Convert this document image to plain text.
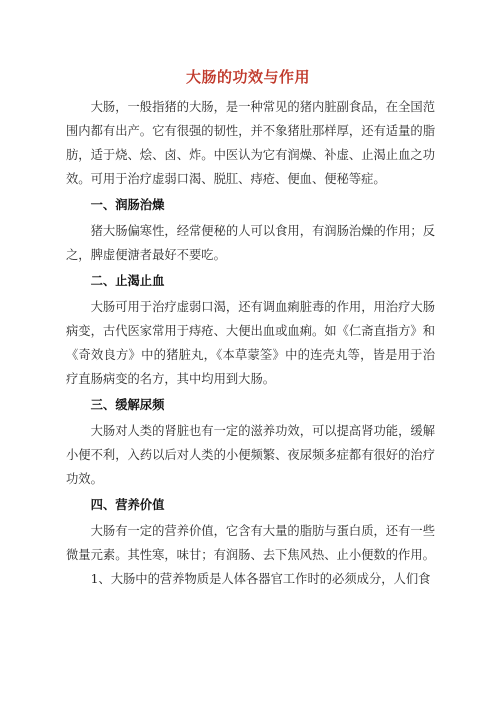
大肠的功效与作用

大肠，一般指猪的大肠，是一种常见的猪内脏副食品，在全国范围内都有出产。它有很强的韧性，并不象猪肚那样厚，还有适量的脂肪，适于烧、烩、卤、炸。中医认为它有润燥、补虚、止渴止血之功效。可用于治疗虚弱口渴、脱肛、痔疮、便血、便秘等症。

一、润肠治燥

猪大肠偏寒性，经常便秘的人可以食用，有润肠治燥的作用；反之，脾虚便溏者最好不要吃。

二、止渴止血

大肠可用于治疗虚弱口渴，还有调血痢脏毒的作用，用治疗大肠病变，古代医家常用于痔疮、大便出血或血痢。如《仁斋直指方》和《奇效良方》中的猪脏丸，《本草蒙筌》中的连壳丸等，皆是用于治疗直肠病变的名方，其中均用到大肠。

三、缓解尿频

大肠对人类的肾脏也有一定的滋养功效，可以提高肾功能，缓解小便不利，入药以后对人类的小便频繁、夜尿频多症都有很好的治疗功效。

四、营养价值

大肠有一定的营养价值，它含有大量的脂肪与蛋白质，还有一些微量元素。其性寒，味甘；有润肠、去下焦风热、止小便数的作用。

1、大肠中的营养物质是人体各器官工作时的必须成分，人们食
